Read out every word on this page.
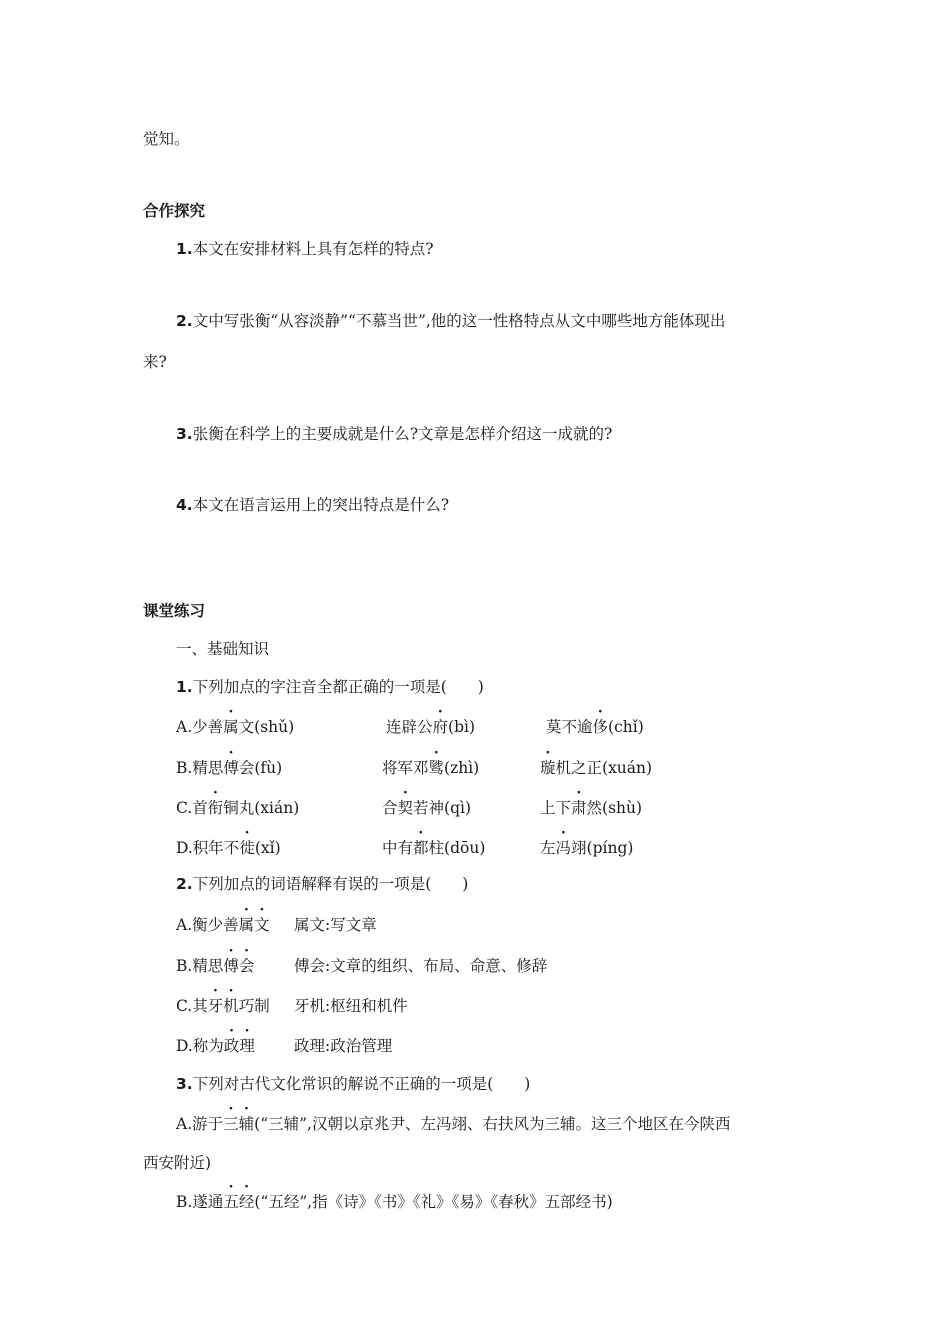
觉知。
合作探究
1.本文在安排材料上具有怎样的特点?
2.文中写张衡“从容淡静”“不慕当世”,他的这一性格特点从文中哪些地方能体现出
来?
3.张衡在科学上的主要成就是什么?文章是怎样介绍这一成就的?
4.本文在语言运用上的突出特点是什么?
课堂练习
一、基础知识
1.下列加点的字注音全都正确的一项是(　　)
A.少善属文(shǔ)	连辟公府(bì)	莫不逾侈(chǐ)
B.精思傅会(fù)	将军邓骘(zhì)	璇机之正(xuán)
C.首衔铜丸(xián)	合契若神(qì)	上下肃然(shù)
D.积年不徙(xǐ)	中有都柱(dōu)	左冯翊(píng)
2.下列加点的词语解释有误的一项是(　　)
A.衡少善属文 属文:写文章
B.精思傅会	傅会:文章的组织、布局、命意、修辞
C.其牙机巧制 牙机:枢纽和机件
D.称为政理	政理:政治管理
3.下列对古代文化常识的解说不正确的一项是(　　)
A.游于三辅(“三辅”,汉朝以京兆尹、左冯翊、右扶风为三辅。这三个地区在今陕西
西安附近)
B.遂通五经(“五经”,指《诗》《书》《礼》《易》《春秋》五部经书)
